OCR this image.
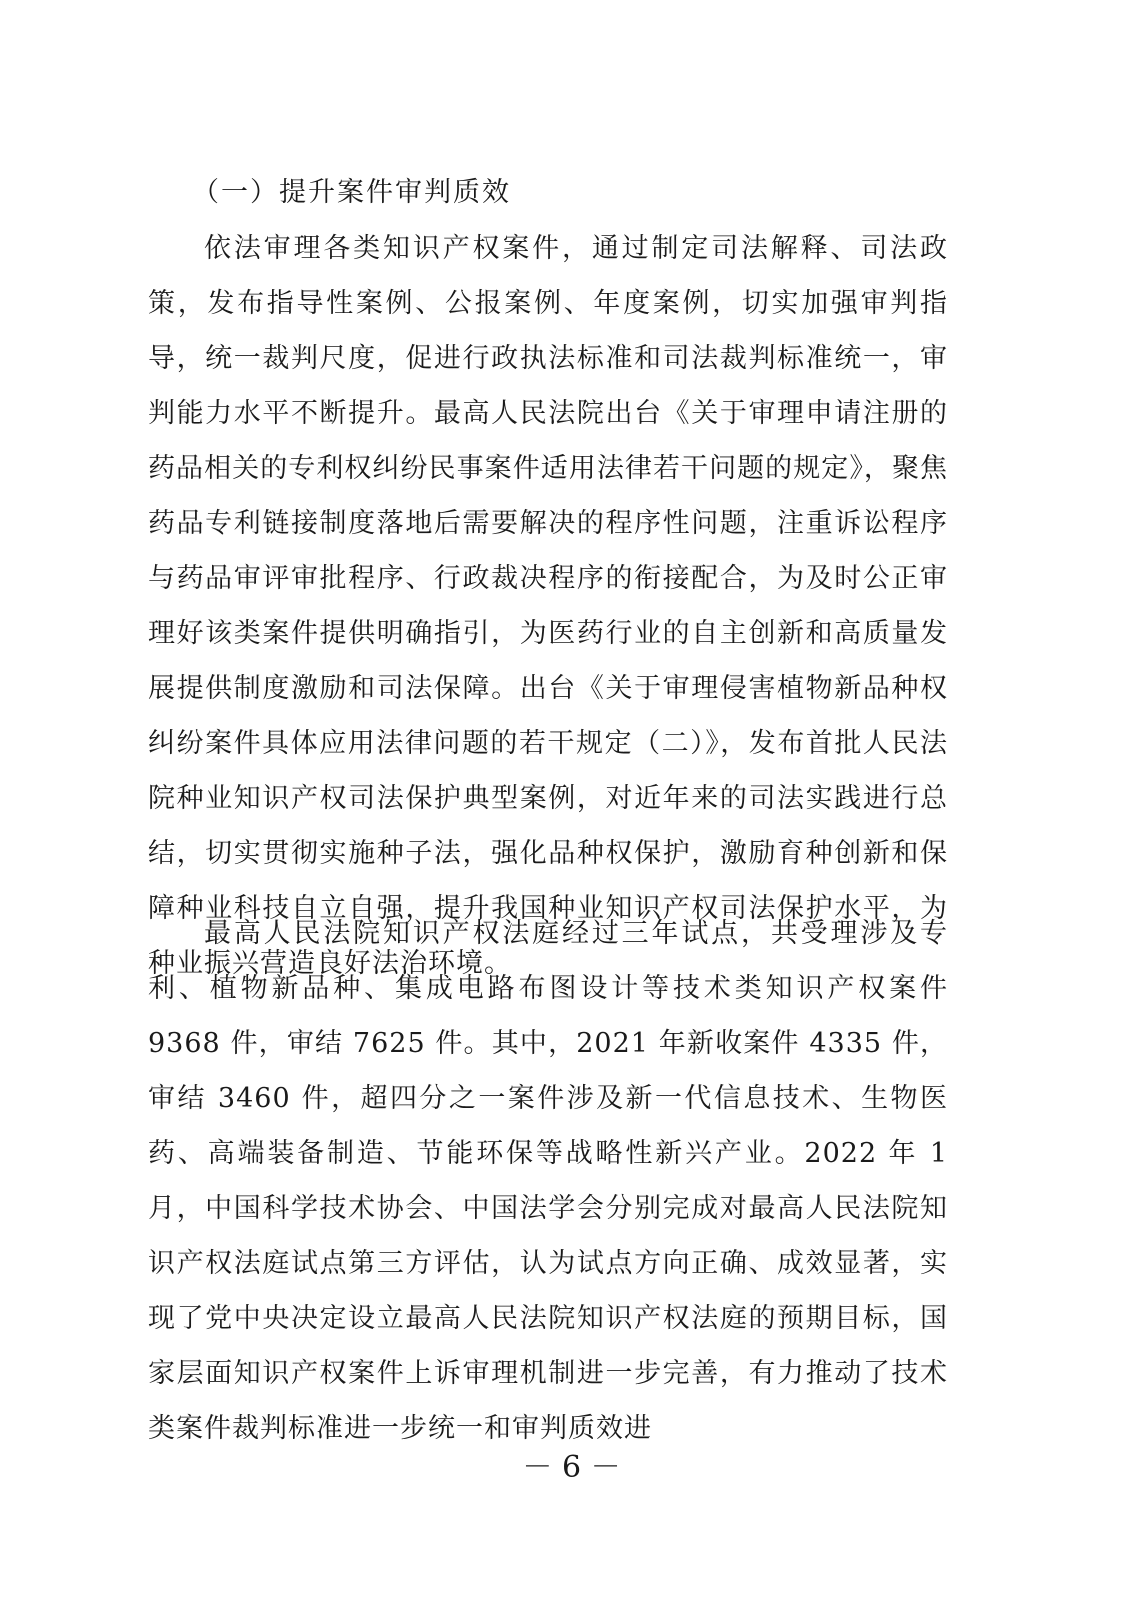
（一）提升案件审判质效

依法审理各类知识产权案件，通过制定司法解释、司法政策，发布指导性案例、公报案例、年度案例，切实加强审判指导，统一裁判尺度，促进行政执法标准和司法裁判标准统一，审判能力水平不断提升。最高人民法院出台《关于审理申请注册的药品相关的专利权纠纷民事案件适用法律若干问题的规定》，聚焦药品专利链接制度落地后需要解决的程序性问题，注重诉讼程序与药品审评审批程序、行政裁决程序的衔接配合，为及时公正审理好该类案件提供明确指引，为医药行业的自主创新和高质量发展提供制度激励和司法保障。出台《关于审理侵害植物新品种权纠纷案件具体应用法律问题的若干规定（二）》，发布首批人民法院种业知识产权司法保护典型案例，对近年来的司法实践进行总结，切实贯彻实施种子法，强化品种权保护，激励育种创新和保障种业科技自立自强，提升我国种业知识产权司法保护水平，为种业振兴营造良好法治环境。

最高人民法院知识产权法庭经过三年试点，共受理涉及专利、植物新品种、集成电路布图设计等技术类知识产权案件 9368 件，审结 7625 件。其中，2021 年新收案件 4335 件，审结 3460 件，超四分之一案件涉及新一代信息技术、生物医药、高端装备制造、节能环保等战略性新兴产业。2022 年 1 月，中国科学技术协会、中国法学会分别完成对最高人民法院知识产权法庭试点第三方评估，认为试点方向正确、成效显著，实现了党中央决定设立最高人民法院知识产权法庭的预期目标，国家层面知识产权案件上诉审理机制进一步完善，有力推动了技术类案件裁判标准进一步统一和审判质效进

－ 6 －
